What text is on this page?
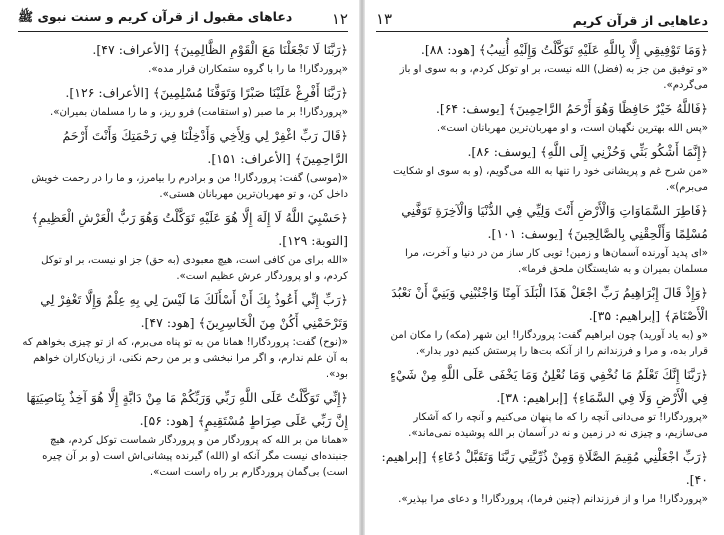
دعاهای مقبول از قرآن کریم و سنت نبوی ﷺ	۱۲

﴿رَبَّنَا لَا تَجْعَلْنَا مَعَ الْقَوْمِ الظَّالِمِينَ﴾ [الأعراف: ۴۷].

«پروردگارا! ما را با گروه ستمکاران قرار مده».

﴿رَبَّنَا أَفْرِغْ عَلَيْنَا صَبْرًا وَتَوَفَّنَا مُسْلِمِينَ﴾ [الأعراف: ۱۲۶].

«پروردگارا! بر ما صبر (و استقامت) فرو ریز، و ما را مسلمان بمیران».

﴿قَالَ رَبِّ اغْفِرْ لِي وَلِأَخِي وَأَدْخِلْنَا فِي رَحْمَتِكَ وَأَنْتَ أَرْحَمُ الرَّاحِمِينَ﴾ [الأعراف: ۱۵۱].

«(موسی) گفت: پروردگارا! من و برادرم را بیامرز، و ما را در رحمت خویش داخل کن، و تو مهربان‌ترین مهربانان هستی».

﴿حَسْبِيَ اللَّهُ لَا إِلَهَ إِلَّا هُوَ عَلَيْهِ تَوَكَّلْتُ وَهُوَ رَبُّ الْعَرْشِ الْعَظِيمِ﴾ [التوبة: ۱۲۹].

«الله برای من کافی است، هیچ معبودی (به حق) جز او نیست، بر او توکل کردم، و او پروردگار عرش عظیم است».

﴿رَبِّ إِنِّي أَعُوذُ بِكَ أَنْ أَسْأَلَكَ مَا لَيْسَ لِي بِهِ عِلْمٌ وَإِلَّا تَغْفِرْ لِي وَتَرْحَمْنِي أَكُنْ مِنَ الْخَاسِرِينَ﴾ [هود: ۴۷].

«(نوح) گفت: پروردگارا! همانا من به تو پناه می‌برم، که از تو چیزی بخواهم که به آن علم ندارم، و اگر مرا نبخشی و بر من رحم نکنی، از زیان‌کاران خواهم بود».

﴿إِنِّي تَوَكَّلْتُ عَلَى اللَّهِ رَبِّي وَرَبِّكُمْ مَا مِنْ دَابَّةٍ إِلَّا هُوَ آخِذٌ بِنَاصِيَتِهَا إِنَّ رَبِّي عَلَى صِرَاطٍ مُسْتَقِيمٍ﴾ [هود: ۵۶].

«همانا من بر الله که پروردگار من و پروردگار شماست توکل کردم، هیچ جنبنده‌ای نیست مگر آنکه او (الله) گیرنده پیشانی‌اش است (و بر آن چیره است) بی‌گمان پروردگارم بر راه راست است».

۱۳	دعاهایی از قرآن کریم

﴿وَمَا تَوْفِيقِي إِلَّا بِاللَّهِ عَلَيْهِ تَوَكَّلْتُ وَإِلَيْهِ أُنِيبُ﴾ [هود: ۸۸].

«و توفیق من جز به (فضل) الله نیست، بر او توکل کردم، و به سوی او باز می‌گردم».

﴿فَاللَّهُ خَيْرٌ حَافِظًا وَهُوَ أَرْحَمُ الرَّاحِمِينَ﴾ [یوسف: ۶۴].

«پس الله بهترین نگهبان است، و او مهربان‌ترین مهربانان است».

﴿إِنَّمَا أَشْكُو بَثِّي وَحُزْنِي إِلَى اللَّهِ﴾ [یوسف: ۸۶].

«من شرح غم و پریشانی خود را تنها به الله می‌گویم، (و به سوی او شکایت می‌برم)».

﴿فَاطِرَ السَّمَاوَاتِ وَالْأَرْضِ أَنْتَ وَلِيِّي فِي الدُّنْيَا وَالْآخِرَةِ تَوَفَّنِي مُسْلِمًا وَأَلْحِقْنِي بِالصَّالِحِينَ﴾ [یوسف: ۱۰۱].

«ای پدید آورنده آسمان‌ها و زمین! تویی کار ساز من در دنیا و آخرت، مرا مسلمان بمیران و به شایستگان ملحق فرما».

﴿وَإِذْ قَالَ إِبْرَاهِيمُ رَبِّ اجْعَلْ هَذَا الْبَلَدَ آمِنًا وَاجْنُبْنِي وَبَنِيَّ أَنْ نَعْبُدَ الْأَصْنَامَ﴾ [إبراهيم: ۳۵].

«و (به یاد آورید) چون ابراهیم گفت: پروردگارا! این شهر (مکه) را مکان امن قرار بده، و مرا و فرزندانم را از آنکه بت‌ها را پرستش کنیم دور بدار».

﴿رَبَّنَا إِنَّكَ تَعْلَمُ مَا نُخْفِي وَمَا نُعْلِنُ وَمَا يَخْفَى عَلَى اللَّهِ مِنْ شَيْءٍ فِي الْأَرْضِ وَلَا فِي السَّمَاءِ﴾ [إبراهيم: ۳۸].

«پروردگارا! تو می‌دانی آنچه را که ما پنهان می‌کنیم و آنچه را که آشکار می‌سازیم، و چیزی نه در زمین و نه در آسمان بر الله پوشیده نمی‌ماند».

﴿رَبِّ اجْعَلْنِي مُقِيمَ الصَّلَاةِ وَمِنْ ذُرِّيَّتِي رَبَّنَا وَتَقَبَّلْ دُعَاءِ﴾ [إبراهيم: ۴۰].

«پروردگارا! مرا و از فرزندانم (چنین فرما)، پروردگارا! و دعای مرا بپذیر».
